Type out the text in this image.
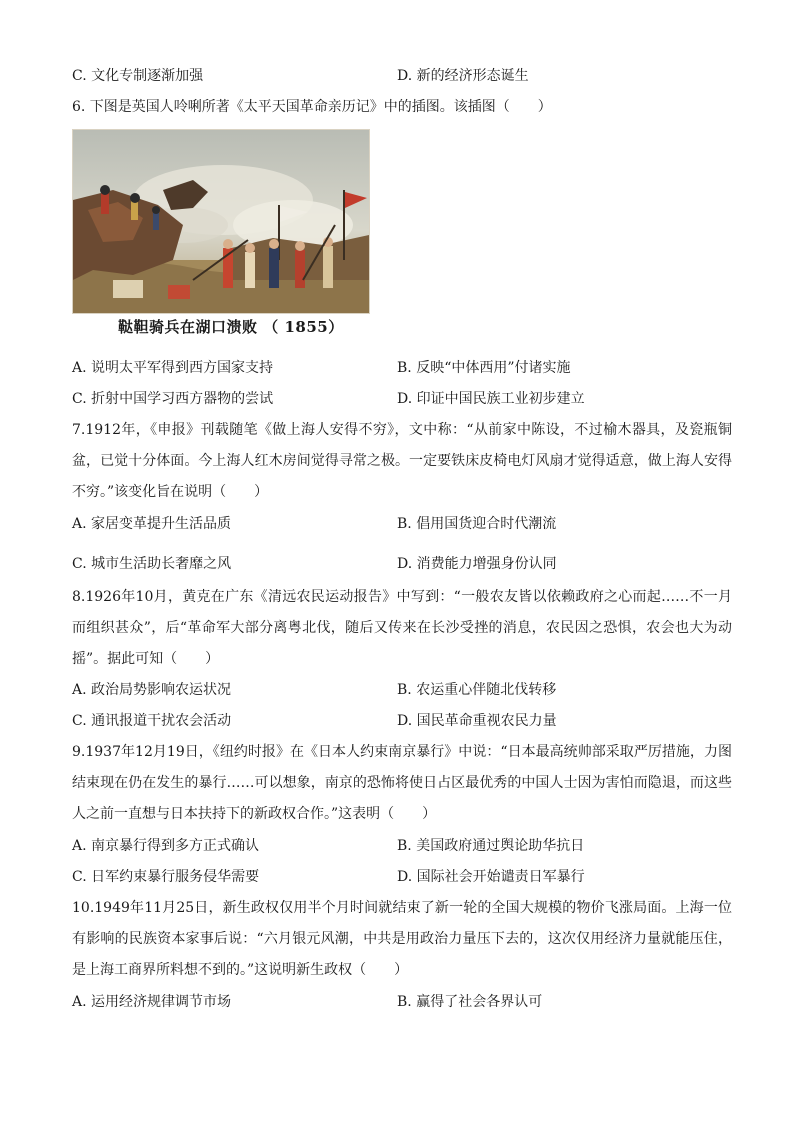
C. 文化专制逐渐加强	D. 新的经济形态诞生
6. 下图是英国人呤唎所著《太平天国革命亲历记》中的插图。该插图（　　）
鞑靼骑兵在湖口溃败 （ 1855）
A. 说明太平军得到西方国家支持	B. 反映“中体西用”付诸实施
C. 折射中国学习西方器物的尝试	D. 印证中国民族工业初步建立
7.1912年，《申报》刊载随笔《做上海人安得不穷》，文中称：“从前家中陈设，不过榆木器具，及瓷瓶铜盆，已觉十分体面。今上海人红木房间觉得寻常之极。一定要铁床皮椅电灯风扇才觉得适意，做上海人安得不穷。”该变化旨在说明（　　）
A. 家居变革提升生活品质	B. 倡用国货迎合时代潮流
C. 城市生活助长奢靡之风	D. 消费能力增强身份认同
8.1926年10月，黄克在广东《清远农民运动报告》中写到：“一般农友皆以依赖政府之心而起……不一月而组织甚众”，后“革命军大部分离粤北伐，随后又传来在长沙受挫的消息，农民因之恐惧，农会也大为动摇”。据此可知（　　）
A. 政治局势影响农运状况	B. 农运重心伴随北伐转移
C. 通讯报道干扰农会活动	D. 国民革命重视农民力量
9.1937年12月19日，《纽约时报》在《日本人约束南京暴行》中说：“日本最高统帅部采取严厉措施，力图结束现在仍在发生的暴行……可以想象，南京的恐怖将使日占区最优秀的中国人士因为害怕而隐退，而这些人之前一直想与日本扶持下的新政权合作。”这表明（　　）
A. 南京暴行得到多方正式确认	B. 美国政府通过舆论助华抗日
C. 日军约束暴行服务侵华需要	D. 国际社会开始谴责日军暴行
10.1949年11月25日，新生政权仅用半个月时间就结束了新一轮的全国大规模的物价飞涨局面。上海一位有影响的民族资本家事后说：“六月银元风潮，中共是用政治力量压下去的，这次仅用经济力量就能压住，是上海工商界所料想不到的。”这说明新生政权（　　）
A. 运用经济规律调节市场	B. 赢得了社会各界认可
